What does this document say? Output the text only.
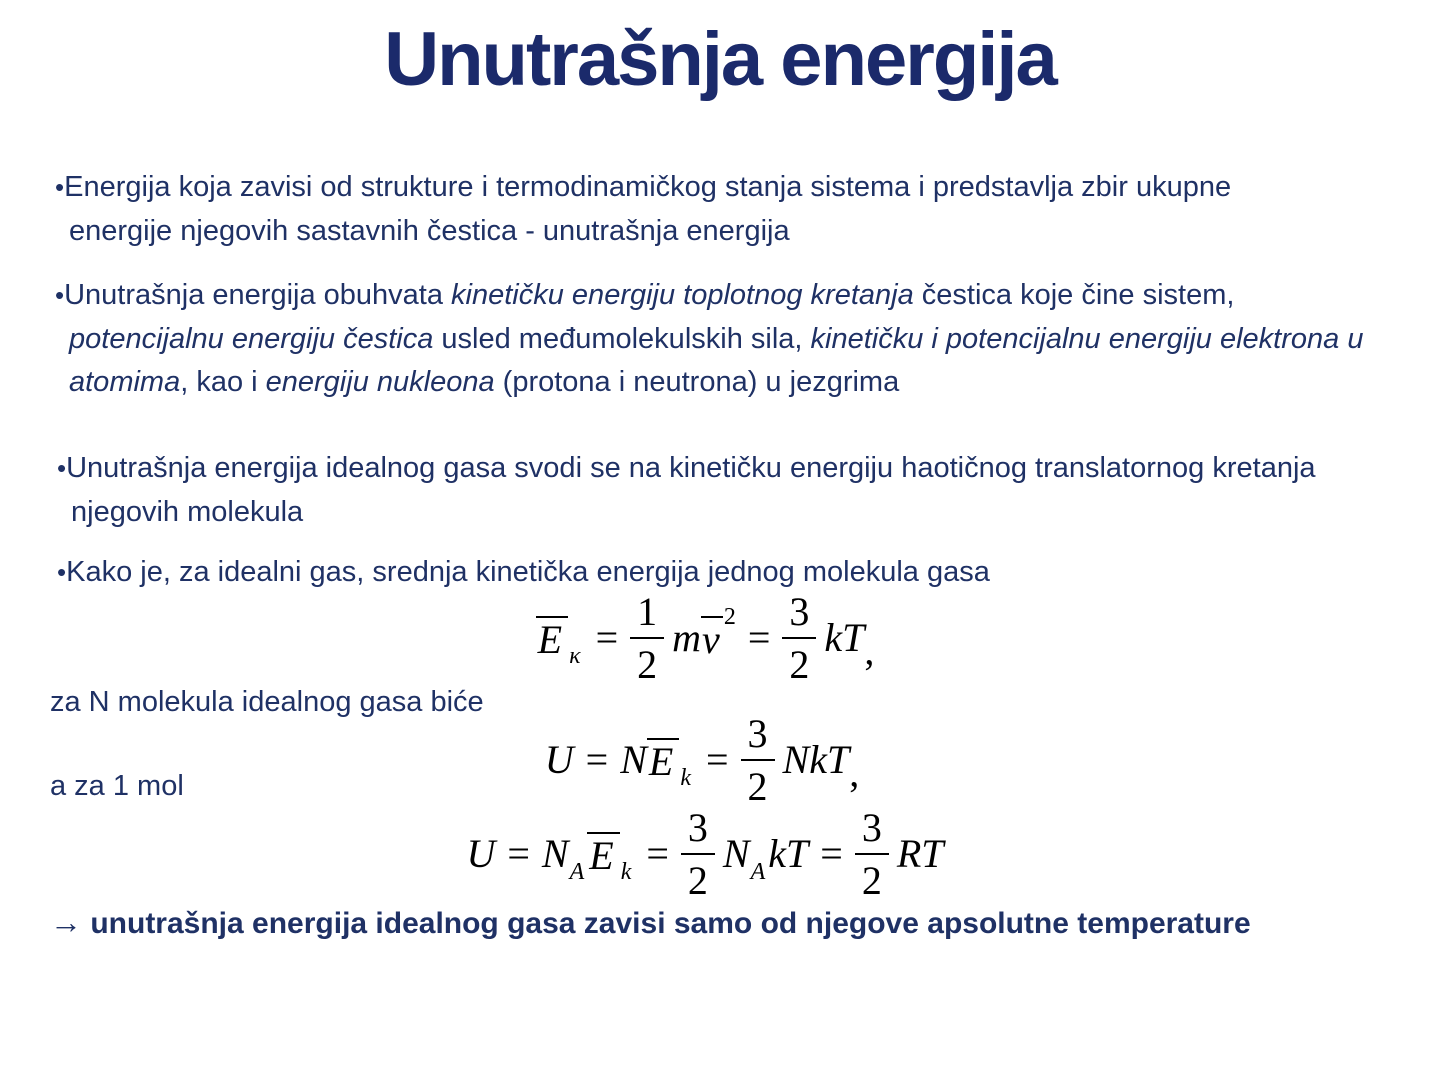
Unutrašnja energija

•Energija koja zavisi od strukture i termodinamičkog stanja sistema i predstavlja zbir ukupne energije njegovih sastavnih čestica - unutrašnja energija

•Unutrašnja energija obuhvata kinetičku energiju toplotnog kretanja čestica koje čine sistem, potencijalnu energiju čestica usled međumolekulskih sila, kinetičku i potencijalnu energiju elektrona u atomima, kao i energiju nukleona (protona i neutrona) u jezgrima

•Unutrašnja energija idealnog gasa svodi se na kinetičku energiju haotičnog translatornog kretanja njegovih molekula

•Kako je, za idealni gas, srednja kinetička energija jednog molekula gasa

E $\kappa = \frac{1}{2}$ m v $2 = \frac{3}{2}$ kT ,

za N molekula idealnog gasa biće

U = N E $k = \frac{3}{2}$ NkT ,

a za 1 mol

U = N A E $k = \frac{3}{2}$ N A kT = $\frac{3}{2}$ RT

→ unutrašnja energija idealnog gasa zavisi samo od njegove apsolutne temperature
